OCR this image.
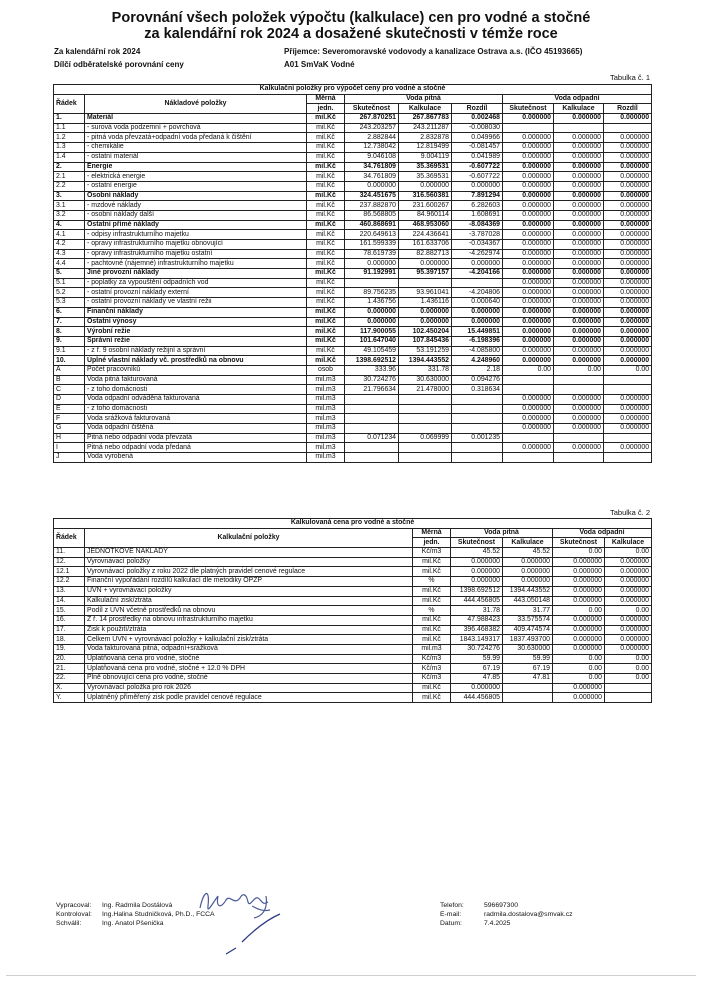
Porovnání všech položek výpočtu (kalkulace) cen pro vodné a stočné
za kalendářní rok 2024 a dosažené skutečnosti v témže roce
Za kalendářní rok 2024	Příjemce: Severomoravské vodovody a kanalizace Ostrava a.s. (IČO 45193665)
Dílčí odběratelské porovnání ceny	A01 SmVaK Vodné
Tabulka č. 1
Kalkulační položky pro výpočet ceny pro vodné a stočné								
Řádek	Nákladové položky	Měrná	Voda pitná			Voda odpadní		
		jedn.	Skutečnost	Kalkulace	Rozdíl	Skutečnost	Kalkulace	Rozdíl
1.	Materiál	mil.Kč	267.870251	267.867783	0.002468	0.000000	0.000000	0.000000
1.1	- surová voda podzemní + povrchová	mil.Kč	243.203257	243.211287	-0.008030			
1.2	- pitná voda převzatá+odpadní voda předaná k čištění	mil.Kč	2.882844	2.832878	0.049966	0.000000	0.000000	0.000000
1.3	- chemikálie	mil.Kč	12.738042	12.819499	-0.081457	0.000000	0.000000	0.000000
1.4	- ostatní materiál	mil.Kč	9.046108	9.004119	0.041989	0.000000	0.000000	0.000000
2.	Energie	mil.Kč	34.761809	35.369531	-0.607722	0.000000	0.000000	0.000000
2.1	- elektrická energie	mil.Kč	34.761809	35.369531	-0.607722	0.000000	0.000000	0.000000
2.2	- ostatní energie	mil.Kč	0.000000	0.000000	0.000000	0.000000	0.000000	0.000000
3.	Osobní náklady	mil.Kč	324.451675	316.560381	7.891294	0.000000	0.000000	0.000000
3.1	- mzdové náklady	mil.Kč	237.882870	231.600267	6.282603	0.000000	0.000000	0.000000
3.2	- osobní náklady další	mil.Kč	86.568805	84.960114	1.608691	0.000000	0.000000	0.000000
4.	Ostatní přímé náklady	mil.Kč	460.868691	468.953060	-8.084369	0.000000	0.000000	0.000000
4.1	- odpisy infrastrukturního majetku	mil.Kč	220.649613	224.436641	-3.787028	0.000000	0.000000	0.000000
4.2	- opravy infrastrukturního majetku obnovující	mil.Kč	161.599339	161.633706	-0.034367	0.000000	0.000000	0.000000
4.3	- opravy infrastrukturního majetku ostatní	mil.Kč	78.619739	82.882713	-4.262974	0.000000	0.000000	0.000000
4.4	- pachtovné (nájemné) infrastrukturního majetku	mil.Kč	0.000000	0.000000	0.000000	0.000000	0.000000	0.000000
5.	Jiné provozní náklady	mil.Kč	91.192991	95.397157	-4.204166	0.000000	0.000000	0.000000
5.1	- poplatky za vypouštění odpadních vod	mil.Kč				0.000000	0.000000	0.000000
5.2	- ostatní provozní náklady externí	mil.Kč	89.756235	93.961041	-4.204806	0.000000	0.000000	0.000000
5.3	- ostatní provozní náklady ve vlastní režii	mil.Kč	1.436756	1.436116	0.000640	0.000000	0.000000	0.000000
6.	Finanční náklady	mil.Kč	0.000000	0.000000	0.000000	0.000000	0.000000	0.000000
7.	Ostatní výnosy	mil.Kč	0.000000	0.000000	0.000000	0.000000	0.000000	0.000000
8.	Výrobní režie	mil.Kč	117.900055	102.450204	15.449851	0.000000	0.000000	0.000000
9.	Správní režie	mil.Kč	101.647040	107.845436	-6.198396	0.000000	0.000000	0.000000
9.1	- z ř. 9 osobní náklady režijní a správní	mil.Kč	49.105459	53.191259	-4.085800	0.000000	0.000000	0.000000
10.	Úplné vlastní náklady vč. prostředků na obnovu	mil.Kč	1398.692512	1394.443552	4.248960	0.000000	0.000000	0.000000
A	Počet pracovníků	osob	333.96	331.78	2.18	0.00	0.00	0.00
B	Voda pitná fakturovaná	mil.m3	30.724276	30.630000	0.094276			
C	- z toho domácnosti	mil.m3	21.796634	21.478000	0.318634			
D	Voda odpadní odváděná fakturovaná	mil.m3				0.000000	0.000000	0.000000
E	- z toho domácnosti	mil.m3				0.000000	0.000000	0.000000
F	Voda srážková fakturovaná	mil.m3				0.000000	0.000000	0.000000
G	Voda odpadní čištěná	mil.m3				0.000000	0.000000	0.000000
H	Pitná nebo odpadní voda převzatá	mil.m3	0.071234	0.069999	0.001235			
I	Pitná nebo odpadní voda předaná	mil.m3				0.000000	0.000000	0.000000
J	Voda vyrobená	mil.m3						
Tabulka č. 2
Kalkulovaná cena pro vodné a stočné						
Řádek	Kalkulační položky	Měrná	Voda pitná		Voda odpadní	
		jedn.	Skutečnost	Kalkulace	Skutečnost	Kalkulace
11.	JEDNOTKOVÉ NÁKLADY	Kč/m3	45.52	45.52	0.00	0.00
12.	Vyrovnávací položky	mil.Kč	0.000000	0.000000	0.000000	0.000000
12.1	Vyrovnávací položky z roku 2022 dle platných pravidel cenové regulace	mil.Kč	0.000000	0.000000	0.000000	0.000000
12.2	Finanční vypořádání rozdílů kalkulací dle metodiky OPŽP	%	0.000000	0.000000	0.000000	0.000000
13.	ÚVN + vyrovnávací položky	mil.Kč	1398.692512	1394.443552	0.000000	0.000000
14.	Kalkulační zisk/ztráta	mil.Kč	444.456805	443.050148	0.000000	0.000000
15.	Podíl z ÚVN včetně prostředků na obnovu	%	31.78	31.77	0.00	0.00
16.	Z ř. 14 prostředky na obnovu infrastrukturního majetku	mil.Kč	47.988423	33.575574	0.000000	0.000000
17.	Zisk k použití/ztráta	mil.Kč	396.468382	409.474574	0.000000	0.000000
18.	Celkem ÚVN + vyrovnávací položky + kalkulační zisk/ztráta	mil.Kč	1843.149317	1837.493700	0.000000	0.000000
19.	Voda fakturovaná pitná, odpadní+srážková	mil.m3	30.724276	30.630000	0.000000	0.000000
20.	Uplatňovaná cena pro vodné, stočné	Kč/m3	59.99	59.99	0.00	0.00
21.	Uplatňovaná cena pro vodné, stočné + 12.0 % DPH	Kč/m3	67.19	67.19	0.00	0.00
22.	Plně obnovující cena pro vodné, stočné	Kč/m3	47.85	47.81	0.00	0.00
X.	Vyrovnávací položka pro rok 2026	mil.Kč	0.000000		0.000000	
Y.	Uplatněný přiměřený zisk podle pravidel cenové regulace	mil.Kč	444.456805		0.000000	
Vypracoval:
Kontroloval:
Schválil:
Ing. Radmila Dostálová
Ing.Halina Studničková, Ph.D., FCCA
Ing. Anatol Pšenička
Telefon:
E-mail:
Datum:
596697300
radmila.dostalova@smvak.cz
7.4.2025
